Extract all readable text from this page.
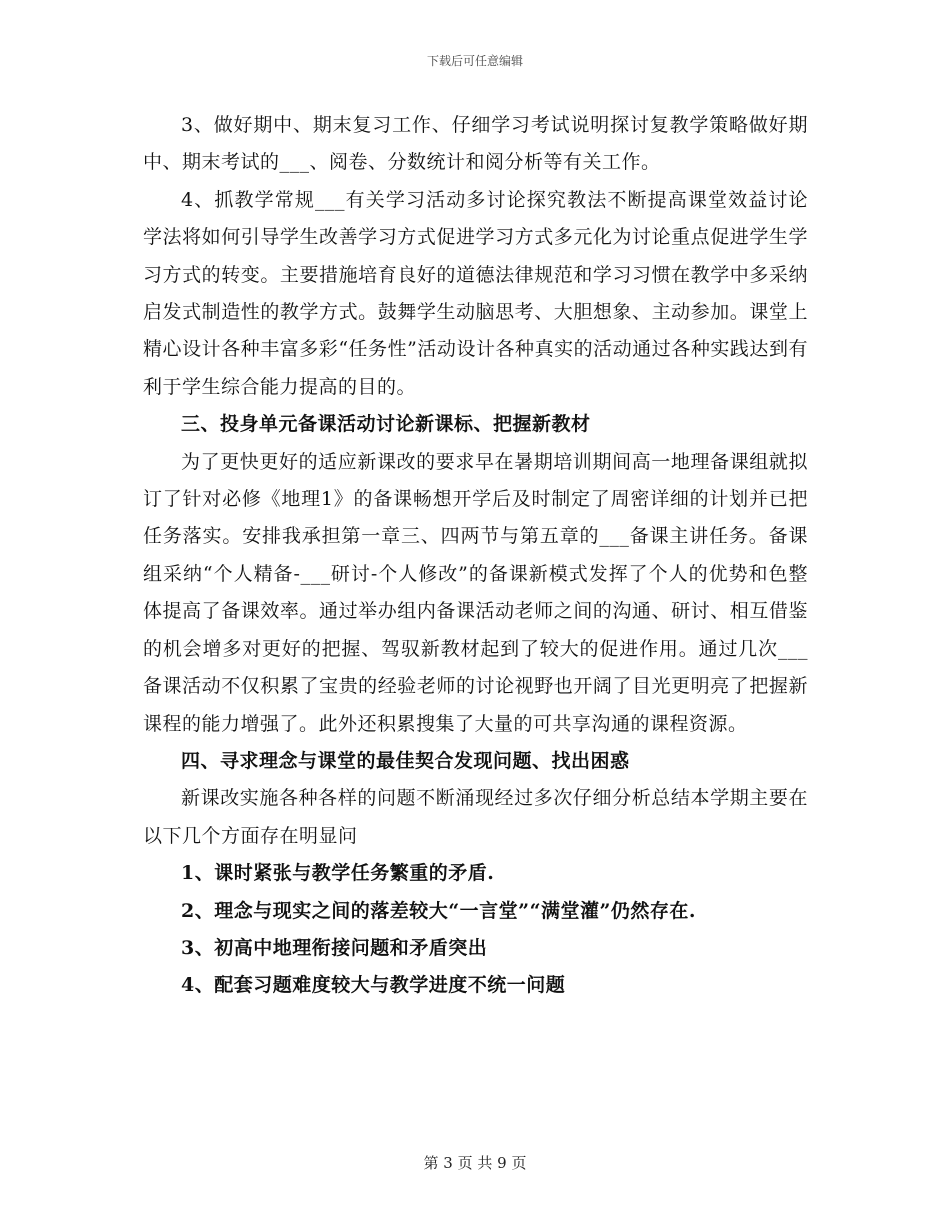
下载后可任意编辑

3、做好期中、期末复习工作、仔细学习考试说明探讨复教学策略做好期中、期末考试的___、阅卷、分数统计和阅分析等有关工作。

4、抓教学常规___有关学习活动多讨论探究教法不断提高课堂效益讨论学法将如何引导学生改善学习方式促进学习方式多元化为讨论重点促进学生学习方式的转变。主要措施培育良好的道德法律规范和学习习惯在教学中多采纳启发式制造性的教学方式。鼓舞学生动脑思考、大胆想象、主动参加。课堂上精心设计各种丰富多彩“任务性”活动设计各种真实的活动通过各种实践达到有利于学生综合能力提高的目的。

三、投身单元备课活动讨论新课标、把握新教材

为了更快更好的适应新课改的要求早在暑期培训期间高一地理备课组就拟订了针对必修《地理1》的备课畅想开学后及时制定了周密详细的计划并已把任务落实。安排我承担第一章三、四两节与第五章的___备课主讲任务。备课组采纳“个人精备-___研讨-个人修改”的备课新模式发挥了个人的优势和色整体提高了备课效率。通过举办组内备课活动老师之间的沟通、研讨、相互借鉴的机会增多对更好的把握、驾驭新教材起到了较大的促进作用。通过几次___备课活动不仅积累了宝贵的经验老师的讨论视野也开阔了目光更明亮了把握新课程的能力增强了。此外还积累搜集了大量的可共享沟通的课程资源。

四、寻求理念与课堂的最佳契合发现问题、找出困惑

新课改实施各种各样的问题不断涌现经过多次仔细分析总结本学期主要在以下几个方面存在明显问

1、课时紧张与教学任务繁重的矛盾.

2、理念与现实之间的落差较大“一言堂”“满堂灌”仍然存在.

3、初高中地理衔接问题和矛盾突出

4、配套习题难度较大与教学进度不统一问题

第 3 页 共 9 页
